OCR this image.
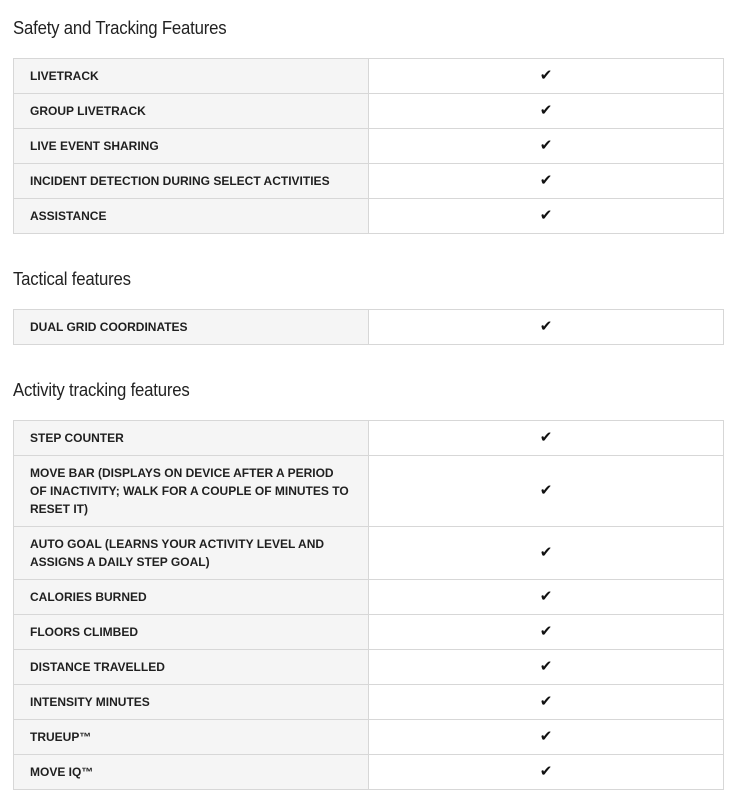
Safety and Tracking Features
LIVETRACK	✔
GROUP LIVETRACK	✔
LIVE EVENT SHARING	✔
INCIDENT DETECTION DURING SELECT ACTIVITIES	✔
ASSISTANCE	✔
Tactical features
DUAL GRID COORDINATES	✔
Activity tracking features
STEP COUNTER	✔
MOVE BAR (DISPLAYS ON DEVICE AFTER A PERIOD OF INACTIVITY; WALK FOR A COUPLE OF MINUTES TO RESET IT)	✔
AUTO GOAL (LEARNS YOUR ACTIVITY LEVEL AND ASSIGNS A DAILY STEP GOAL)	✔
CALORIES BURNED	✔
FLOORS CLIMBED	✔
DISTANCE TRAVELLED	✔
INTENSITY MINUTES	✔
TRUEUP™	✔
MOVE IQ™	✔
